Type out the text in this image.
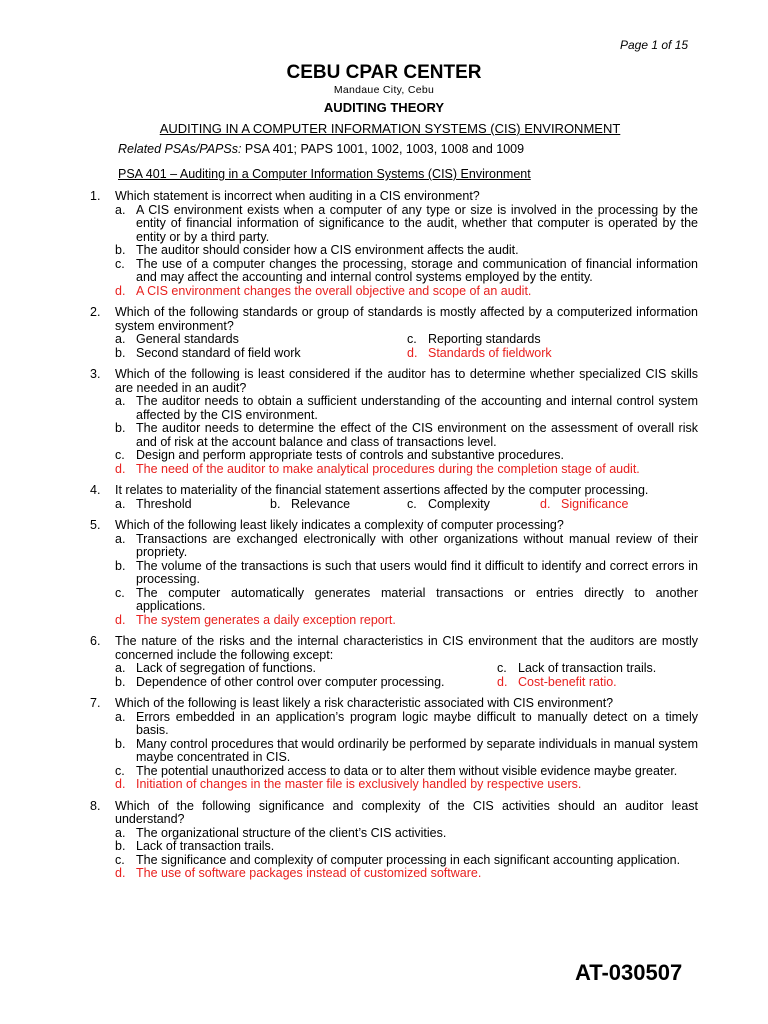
Page 1 of 15
CEBU CPAR CENTER
Mandaue City, Cebu
AUDITING THEORY
AUDITING IN A COMPUTER INFORMATION SYSTEMS (CIS) ENVIRONMENT
Related PSAs/PAPSs: PSA 401; PAPS 1001, 1002, 1003, 1008 and 1009
PSA 401 – Auditing in a Computer Information Systems (CIS) Environment
1. Which statement is incorrect when auditing in a CIS environment?
a. A CIS environment exists when a computer of any type or size is involved in the processing by the entity of financial information of significance to the audit, whether that computer is operated by the entity or by a third party.
b. The auditor should consider how a CIS environment affects the audit.
c. The use of a computer changes the processing, storage and communication of financial information and may affect the accounting and internal control systems employed by the entity.
d. A CIS environment changes the overall objective and scope of an audit.
2. Which of the following standards or group of standards is mostly affected by a computerized information system environment?
a. General standards	c. Reporting standards
b. Second standard of field work	d. Standards of fieldwork
3. Which of the following is least considered if the auditor has to determine whether specialized CIS skills are needed in an audit?
a. The auditor needs to obtain a sufficient understanding of the accounting and internal control system affected by the CIS environment.
b. The auditor needs to determine the effect of the CIS environment on the assessment of overall risk and of risk at the account balance and class of transactions level.
c. Design and perform appropriate tests of controls and substantive procedures.
d. The need of the auditor to make analytical procedures during the completion stage of audit.
4. It relates to materiality of the financial statement assertions affected by the computer processing.
a. Threshold	b. Relevance	c. Complexity	d. Significance
5. Which of the following least likely indicates a complexity of computer processing?
a. Transactions are exchanged electronically with other organizations without manual review of their propriety.
b. The volume of the transactions is such that users would find it difficult to identify and correct errors in processing.
c. The computer automatically generates material transactions or entries directly to another applications.
d. The system generates a daily exception report.
6. The nature of the risks and the internal characteristics in CIS environment that the auditors are mostly concerned include the following except:
a. Lack of segregation of functions.	c. Lack of transaction trails.
b. Dependence of other control over computer processing.	d. Cost-benefit ratio.
7. Which of the following is least likely a risk characteristic associated with CIS environment?
a. Errors embedded in an application’s program logic maybe difficult to manually detect on a timely basis.
b. Many control procedures that would ordinarily be performed by separate individuals in manual system maybe concentrated in CIS.
c. The potential unauthorized access to data or to alter them without visible evidence maybe greater.
d. Initiation of changes in the master file is exclusively handled by respective users.
8. Which of the following significance and complexity of the CIS activities should an auditor least understand?
a. The organizational structure of the client’s CIS activities.
b. Lack of transaction trails.
c. The significance and complexity of computer processing in each significant accounting application.
d. The use of software packages instead of customized software.
AT-030507
